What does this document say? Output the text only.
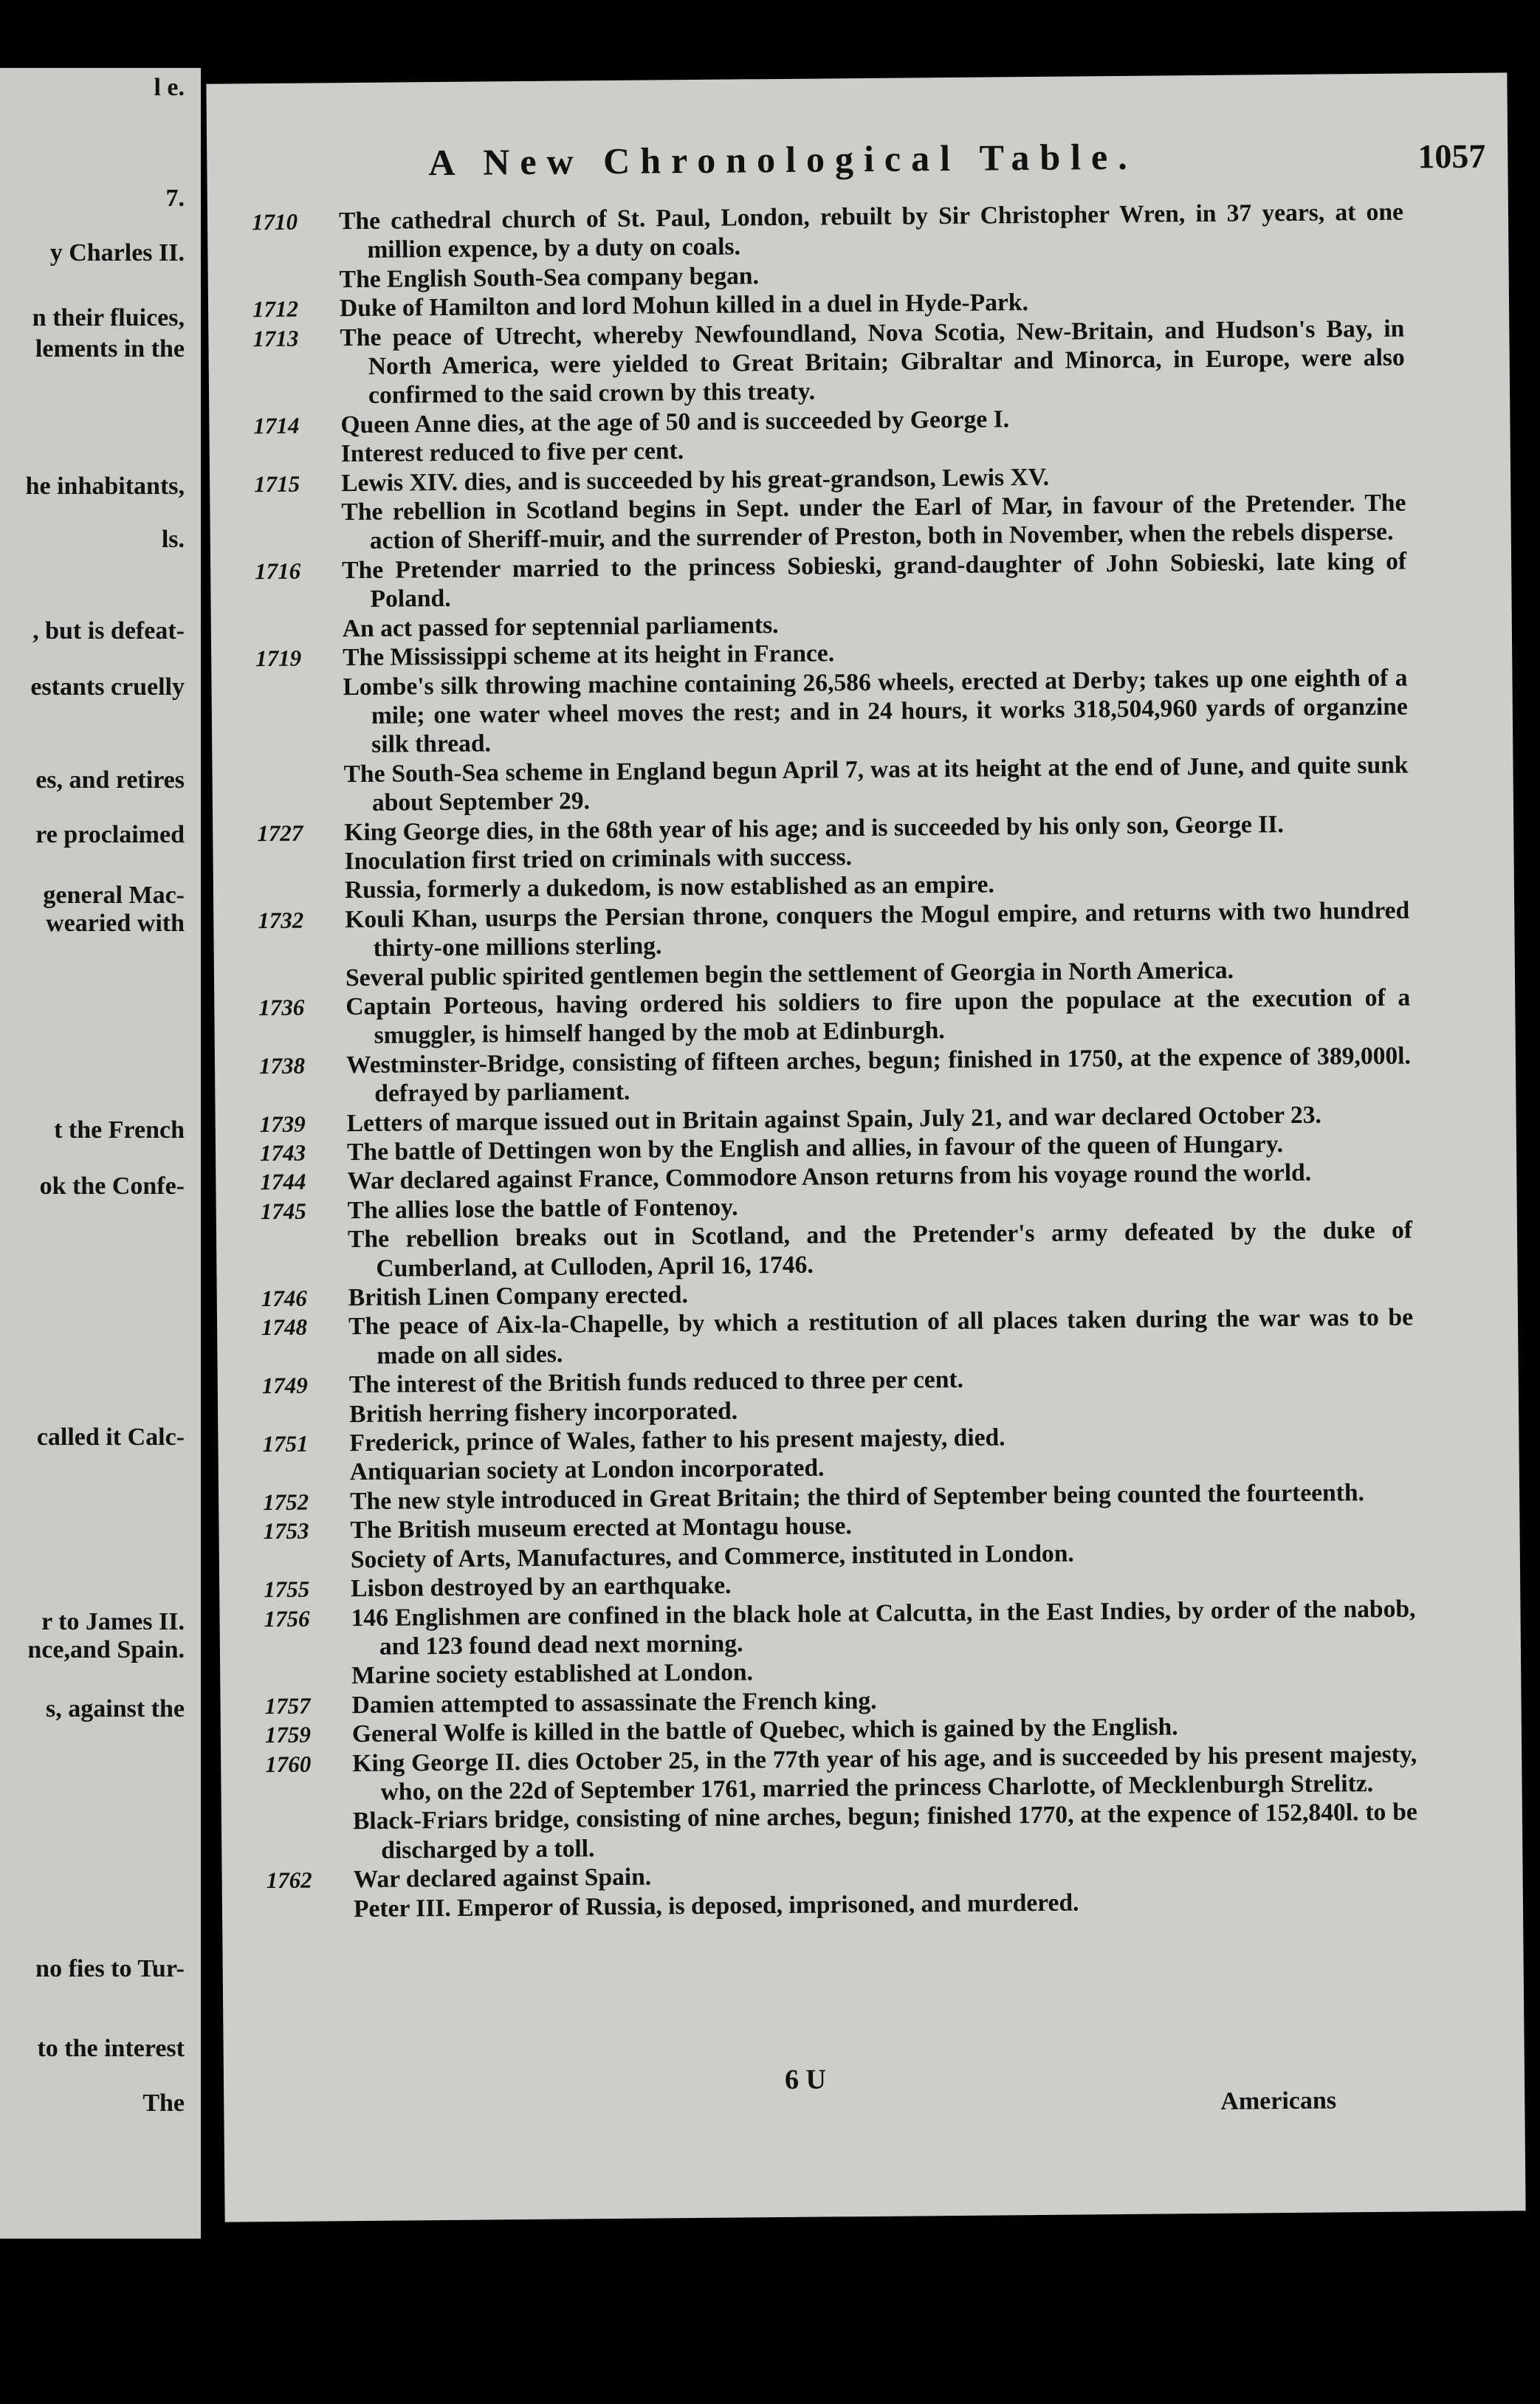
l e.
7.
y Charles II.
n their fluices,
lements in the
he inhabitants,
ls.
, but is defeat-
estants cruelly
es, and retires
re proclaimed
general Mac-
wearied with
t the French
ok the Confe-
called it Calc-
r to James II.
nce,and Spain.
s, against the
no fies to Tur-
to the interest
The
A New Chronological Table.	1057
1710	The cathedral church of St. Paul, London, rebuilt by Sir Christopher Wren, in 37 years, at one million expence, by a duty on coals.
The English South-Sea company began.
1712	Duke of Hamilton and lord Mohun killed in a duel in Hyde-Park.
1713	The peace of Utrecht, whereby Newfoundland, Nova Scotia, New-Britain, and Hudson's Bay, in North America, were yielded to Great Britain; Gibraltar and Minorca, in Europe, were also confirmed to the said crown by this treaty.
1714	Queen Anne dies, at the age of 50 and is succeeded by George I.
Interest reduced to five per cent.
1715	Lewis XIV. dies, and is succeeded by his great-grandson, Lewis XV.
The rebellion in Scotland begins in Sept. under the Earl of Mar, in favour of the Pretender. The action of Sheriff-muir, and the surrender of Preston, both in November, when the rebels disperse.
1716	The Pretender married to the princess Sobieski, grand-daughter of John Sobieski, late king of Poland.
An act passed for septennial parliaments.
1719	The Mississippi scheme at its height in France.
Lombe's silk throwing machine containing 26,586 wheels, erected at Derby; takes up one eighth of a mile; one water wheel moves the rest; and in 24 hours, it works 318,504,960 yards of organzine silk thread.
The South-Sea scheme in England begun April 7, was at its height at the end of June, and quite sunk about September 29.
1727	King George dies, in the 68th year of his age; and is succeeded by his only son, George II.
Inoculation first tried on criminals with success.
Russia, formerly a dukedom, is now established as an empire.
1732	Kouli Khan, usurps the Persian throne, conquers the Mogul empire, and returns with two hundred thirty-one millions sterling.
Several public spirited gentlemen begin the settlement of Georgia in North America.
1736	Captain Porteous, having ordered his soldiers to fire upon the populace at the execution of a smuggler, is himself hanged by the mob at Edinburgh.
1738	Westminster-Bridge, consisting of fifteen arches, begun; finished in 1750, at the expence of 389,000l. defrayed by parliament.
1739	Letters of marque issued out in Britain against Spain, July 21, and war declared October 23.
1743	The battle of Dettingen won by the English and allies, in favour of the queen of Hungary.
1744	War declared against France, Commodore Anson returns from his voyage round the world.
1745	The allies lose the battle of Fontenoy.
The rebellion breaks out in Scotland, and the Pretender's army defeated by the duke of Cumberland, at Culloden, April 16, 1746.
1746	British Linen Company erected.
1748	The peace of Aix-la-Chapelle, by which a restitution of all places taken during the war was to be made on all sides.
1749	The interest of the British funds reduced to three per cent.
British herring fishery incorporated.
1751	Frederick, prince of Wales, father to his present majesty, died.
Antiquarian society at London incorporated.
1752	The new style introduced in Great Britain; the third of September being counted the fourteenth.
1753	The British museum erected at Montagu house.
Society of Arts, Manufactures, and Commerce, instituted in London.
1755	Lisbon destroyed by an earthquake.
1756	146 Englishmen are confined in the black hole at Calcutta, in the East Indies, by order of the nabob, and 123 found dead next morning.
Marine society established at London.
1757	Damien attempted to assassinate the French king.
1759	General Wolfe is killed in the battle of Quebec, which is gained by the English.
1760	King George II. dies October 25, in the 77th year of his age, and is succeeded by his present majesty, who, on the 22d of September 1761, married the princess Charlotte, of Mecklenburgh Strelitz.
Black-Friars bridge, consisting of nine arches, begun; finished 1770, at the expence of 152,840l. to be discharged by a toll.
1762	War declared against Spain.
Peter III. Emperor of Russia, is deposed, imprisoned, and murdered.
6 U
Americans
